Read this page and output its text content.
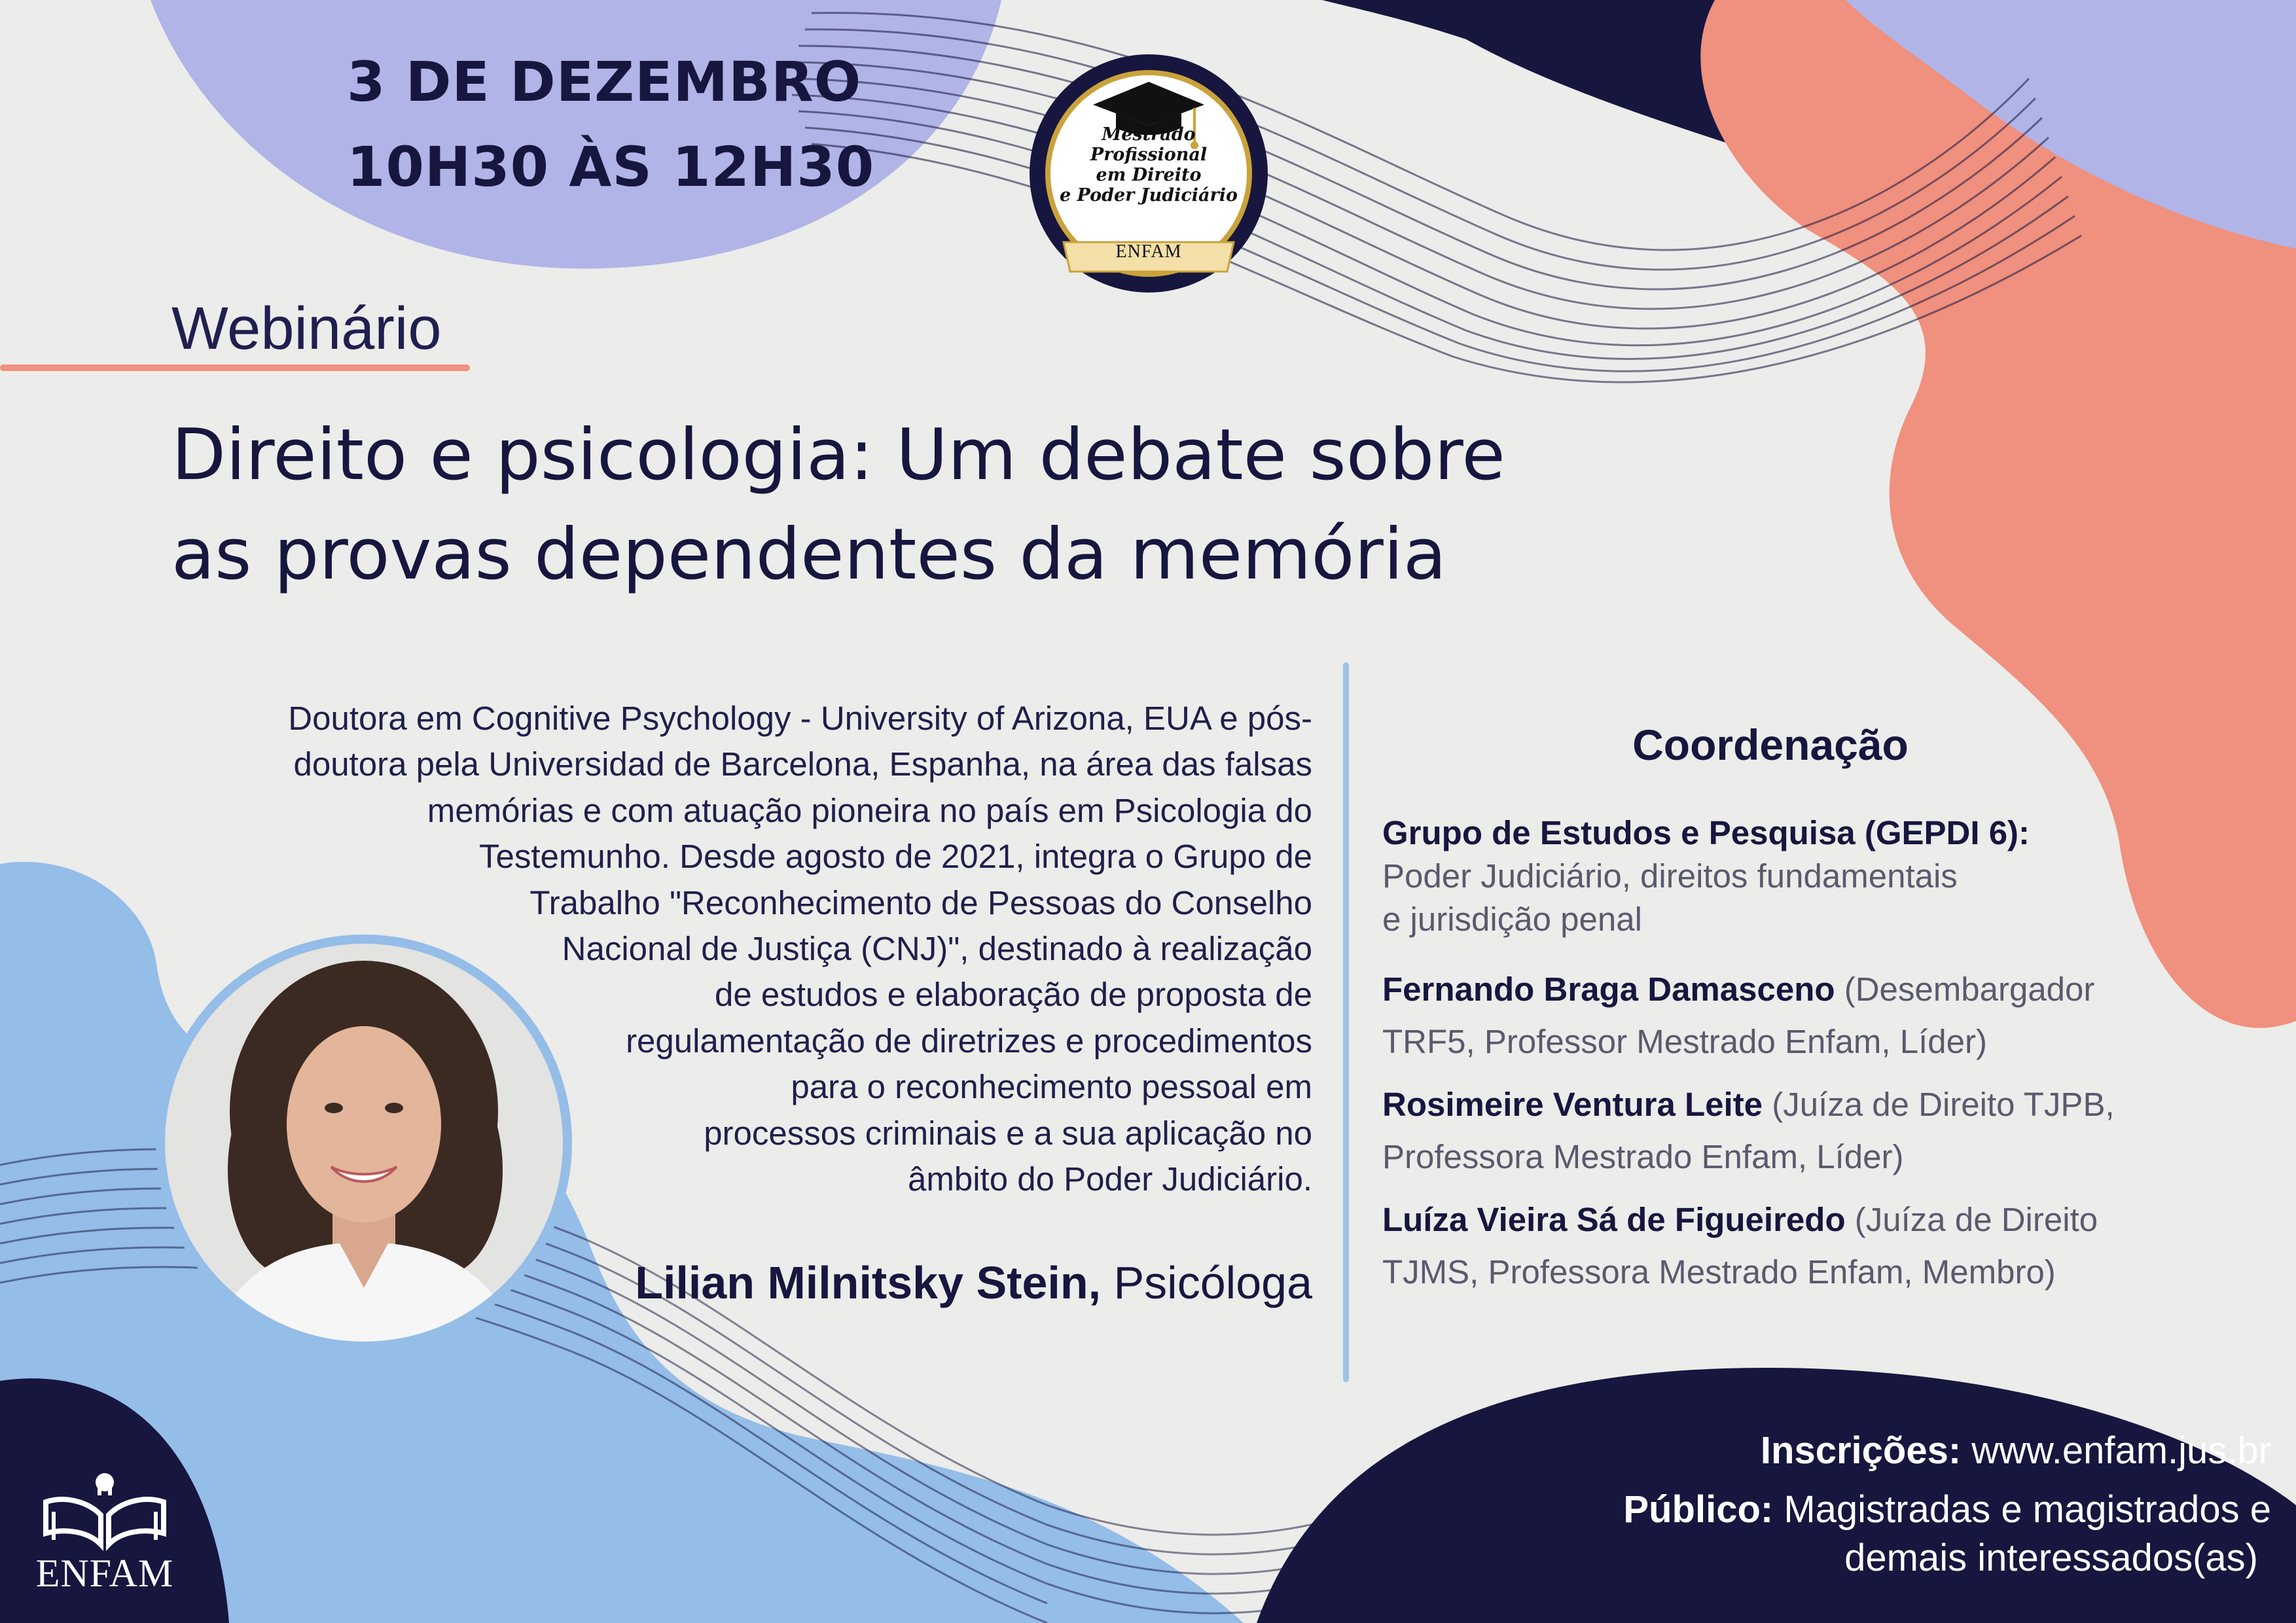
3 DE DEZEMBRO
10H30 ÀS 12H30
Mestrado
Profissional
em Direito
e Poder Judiciário
ENFAM
Webinário
Direito e psicologia: Um debate sobre
as provas dependentes da memória
Doutora em Cognitive Psychology - University of Arizona, EUA e pós-
doutora pela Universidad de Barcelona, Espanha, na área das falsas
memórias e com atuação pioneira no país em Psicologia do
Testemunho. Desde agosto de 2021, integra o Grupo de
Trabalho "Reconhecimento de Pessoas do Conselho
Nacional de Justiça (CNJ)", destinado à realização
de estudos e elaboração de proposta de
regulamentação de diretrizes e procedimentos
para o reconhecimento pessoal em
processos criminais e a sua aplicação no
âmbito do Poder Judiciário.
Lilian Milnitsky Stein, Psicóloga
Coordenação
Grupo de Estudos e Pesquisa (GEPDI 6):
Poder Judiciário, direitos fundamentais
e jurisdição penal
Fernando Braga Damasceno (Desembargador
TRF5, Professor Mestrado Enfam, Líder)
Rosimeire Ventura Leite (Juíza de Direito TJPB,
Professora Mestrado Enfam, Líder)
Luíza Vieira Sá de Figueiredo (Juíza de Direito
TJMS, Professora Mestrado Enfam, Membro)
Inscrições: www.enfam.jus.br
Público: Magistradas e magistrados e
demais interessados(as)
ENFAM
